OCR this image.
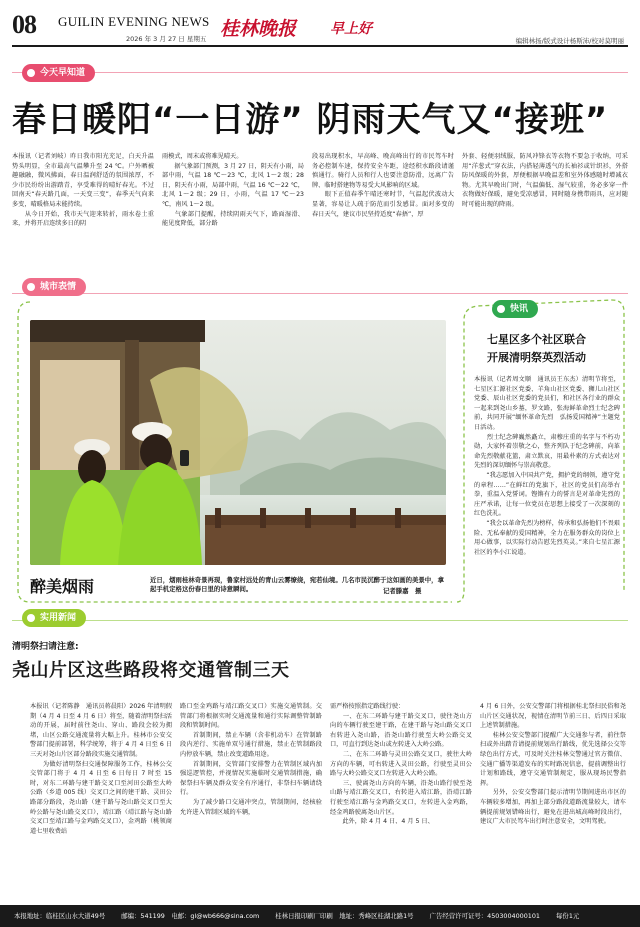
08 GUILIN EVENING NEWS 桂林晚报 早上好
2026 年 3 月 27 日 星期五	编辑林扬/版式设计杨斯沛/校对莫明丽
今天早知道
春日暖阳“一日游” 阴雨天气又“接班”
本报讯（记者刘岐）昨日我市阳光充足，白天升温势头明显，全市最高气温攀升至 24 ℃。户外晒被趣融融，微风拂面，春日温润舒适的氛围浓厚，不少市民纷纷出游踏青，享受难得的晴好春光。不过回南天“春天路几面，一天变三变”，春季天气向来多变，晴暖格局未能持续。
　　从今日开始，我市天气迎来转折，雨水卷土重来，并将开启连续多日的阴
雨模式，周末或将难见晴天。
　　据气象部门预测，3 月 27 日，阴天有小雨，局部中雨，气温 18 ℃～23 ℃，北风 1～2 级；28 日，阴天有小雨，局部中雨，气温 16 ℃～22 ℃，北风 1～2 级；29 日，小雨，气温 17 ℃～23 ℃，南风 1～2 级。
　　气象部门提醒，持续阴雨天气下，路面湿滑、能见度降低，部分路
段易出现积水，早高峰、晚高峰出行的市民驾车时务必控制车速，保持安全车距，途经积水路段请谨慎通行。骑行人员和行人也要注意防滑，远离广告牌、临时搭建物等易受大风影响的区域。
　　眼下正值春季午晴还寒时节，气温起伏波动大显著，容易让人疏于防范而引发感冒。面对多变的春日天气，建议市民坚持适度“春捂”，厚
外套、轻便羽绒服，防风冲锋衣等衣物不要急于收纳，可采用“洋葱式”穿衣法，内搭轻薄透气的长袖衫或针织衫，外搭防风保暖的外套，厚便根据早晚温差和室外体感随时增减衣物。尤其早晚出门时，气温偏低、湿气较重，务必多穿一件衣物做好保暖，避免受凉感冒，同时随身携带雨具，应对随时可能出现的降雨。
城市表情
醉美烟雨	近日，烟雨桂林奇景再现，鲁家村远处的青山云雾缭绕，宛若仙境。几名市民沉醉于这如画的美景中，拿起手机定格这份春日里的诗意瞬间。	记者滕嘉　摄
快讯
七星区多个社区联合
开展清明祭英烈活动
本报讯（记者周文顺　通讯员王东杰）清明节将至，七星区汇源社区党委、羊角山社区党委、狮儿山社区党委、辰山社区党委的党员们，和社区各行业的群众一起来到尧山乡墓，罗文路，张海鲜革命烈士纪念碑前，共同开展“缅怀革命先烈　弘扬爱国精神”主题党日活动。
　　烈士纪念碑巍然矗立，肃穆庄重的名字与不朽功勋，大家怀着崇敬之心，整齐列队于纪念碑前，向革命先烈敬献花篮，肃立默哀，用最朴素的方式表达对先烈的深切缅怀与崇高敬意。
　　“我志愿加入中国共产党，拥护党的纲领，遵守党的章程……”在鲜红的党旗下，社区的党员们高举右拳，重温入党誓词。铿锵有力的誓言是对革命先烈的庄严承诺，让每一位党员在思想上接受了一次深刻的红色洗礼。
　　“我会以革命先烈为榜样，传承和弘扬他们不畏艰险、无私奉献的爱国精神，全力在服务群众的岗位上用心做事，以实际行动告慰先烈英灵。”来自七星汇源社区的李小江说道。
实用新闻
清明祭扫请注意:
尧山片区这些路段将交通管制三天
本报讯（记者陈静　通讯员蒋晨阳）2026 年清明假期（4 月 4 日至 4 月 6 日）将至，随着清明祭扫活动的开展，届时前往尧山、穿山、路段会较为拥堵，山区公路交通流量将大幅上升。桂林市公安交警部门提前部署，科学统筹，将于 4 月 4 日至 6 日三天对尧山片区部分路段实施交通管制。
　　为做好清明祭扫交通保障服务工作，桂林公交交管部门将于 4 月 4 日至 6 日每日 7 时至 15 时，对东二环路与建干路交叉口至河田公路至大岭公路（乡道 005 线）交叉口之间的建干路、灵田公路部分路段，尧山路（建干路与尧山路交叉口至大岭公路与尧山路交叉口），靖江路（靖江路与尧山路交叉口至靖江路与金鸡路交叉口），金鸡路（桃领商道七里收费站
路口至金鸡路与靖江路交叉口）实施交通管制。交管部门将根据实时交通流量和通行实际调整管制路段和管制时间。
　　首制期间，禁止车辆（含非机动车）在管制路段内逆行、实施单双号通行措施，禁止在管制路段内停放车辆，禁止改变道路用途。
　　首制期间，交管部门安排警力在管制区域内加强巡逻管控，并视情况实施临时交通管制措施，确保祭扫车辆及群众安全有序通行，非祭扫车辆请绕行。
　　为了减少路口交通冲突点，管制期间，经核验允许进入管制区域的车辆，
需严格按照指定路线行驶：
　　一、在东二环路与建干路交叉口，驶往尧山方向的车辆行驶至建干路，在建干路与尧山路交叉口右转进入尧山路，沿尧山路行驶至大岭公路交叉口，可直行到达尧山或左转进入大岭公路。
　　二、在东二环路与灵田公路交叉口，驶往大岭方向的车辆，可右转进入灵田公路，行驶至灵田公路与大岭公路交叉口左转进入大岭公路。
　　三、驶离尧山方向的车辆，沿尧山路行驶至尧山路与靖江路交叉口，右转进入靖江路，沿靖江路行驶至靖江路与金鸡路交叉口，左转进入金鸡路，经金鸡路驶离尧山片区。
　　此外，除 4 月 4 日、4 月 5 日、
4 月 6 日外，公安交警部门将根据桂北祭扫民俗和尧山片区交通状况，视情在清明节前三日、后四日采取上述管制措施。
　　桂林公安交警部门提醒广大交通参与者，前往祭扫或外出踏青请提前规划出行路线，优先选择公交等绿色出行方式，可及时关注桂林交警通过官方微信、交通广播等渠道发布的实时路况信息，提前调整出行计划和路线，遵守交通管制规定，服从现场民警指挥。
　　另外，公安交警部门提示清明节期间进出市区的车辆较多增加，再加上部分路段道路流量较大，请车辆提前规划错峰出行，避免在进出城高峰时段出行，建议广大市民驾车出行时注意安全，文明驾驶。
本报地址：临桂区山水大道49号	邮编：541199　电邮：gl@wb666@sina.com	桂林日报印刷厂印刷　地址：秀峰区桂湖北路1号	广告经营许可证号：4503004000101	每份1元
